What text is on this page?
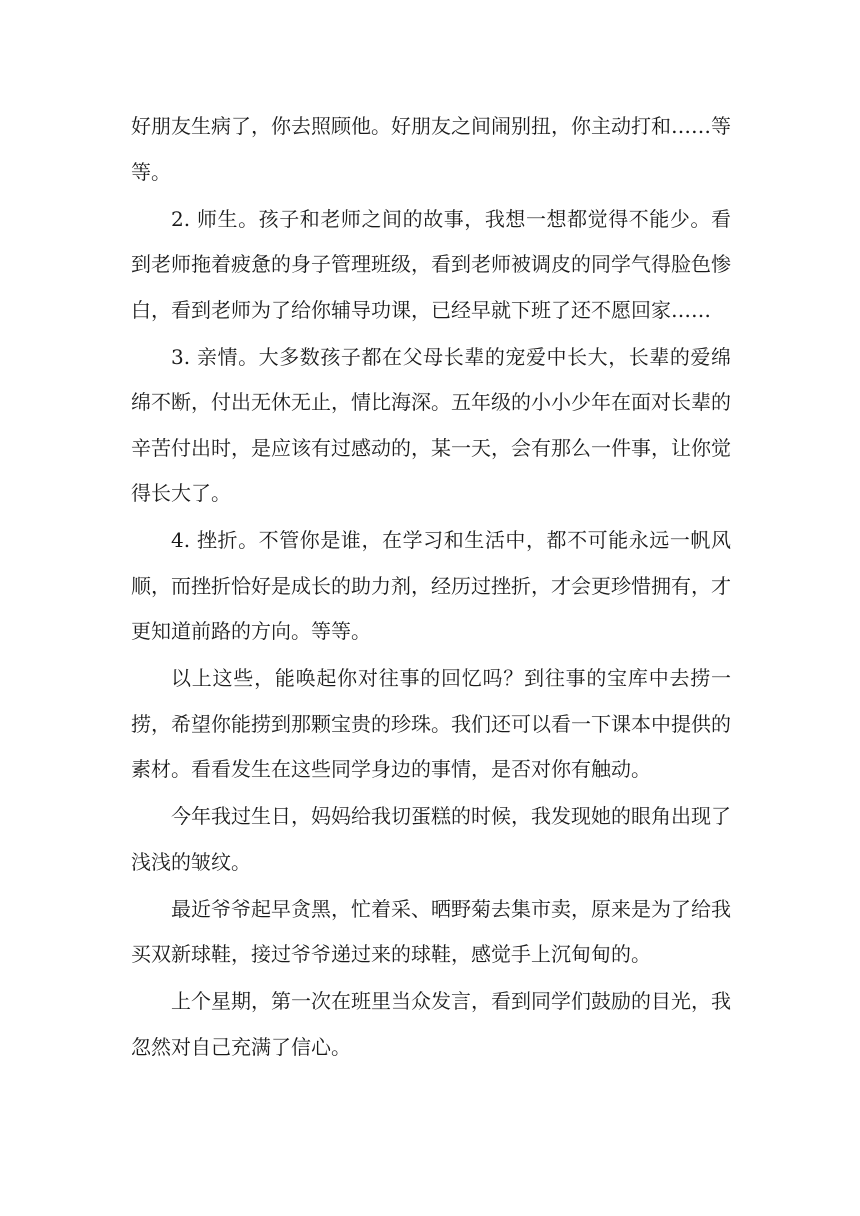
好朋友生病了，你去照顾他。好朋友之间闹别扭，你主动打和……等等。

2. 师生。孩子和老师之间的故事，我想一想都觉得不能少。看到老师拖着疲惫的身子管理班级，看到老师被调皮的同学气得脸色惨白，看到老师为了给你辅导功课，已经早就下班了还不愿回家……

3. 亲情。大多数孩子都在父母长辈的宠爱中长大，长辈的爱绵绵不断，付出无休无止，情比海深。五年级的小小少年在面对长辈的辛苦付出时，是应该有过感动的，某一天，会有那么一件事，让你觉得长大了。

4. 挫折。不管你是谁，在学习和生活中，都不可能永远一帆风顺，而挫折恰好是成长的助力剂，经历过挫折，才会更珍惜拥有，才更知道前路的方向。等等。

以上这些，能唤起你对往事的回忆吗？到往事的宝库中去捞一捞，希望你能捞到那颗宝贵的珍珠。我们还可以看一下课本中提供的素材。看看发生在这些同学身边的事情，是否对你有触动。

今年我过生日，妈妈给我切蛋糕的时候，我发现她的眼角出现了浅浅的皱纹。

最近爷爷起早贪黑，忙着采、晒野菊去集市卖，原来是为了给我买双新球鞋，接过爷爷递过来的球鞋，感觉手上沉甸甸的。

上个星期，第一次在班里当众发言，看到同学们鼓励的目光，我忽然对自己充满了信心。
